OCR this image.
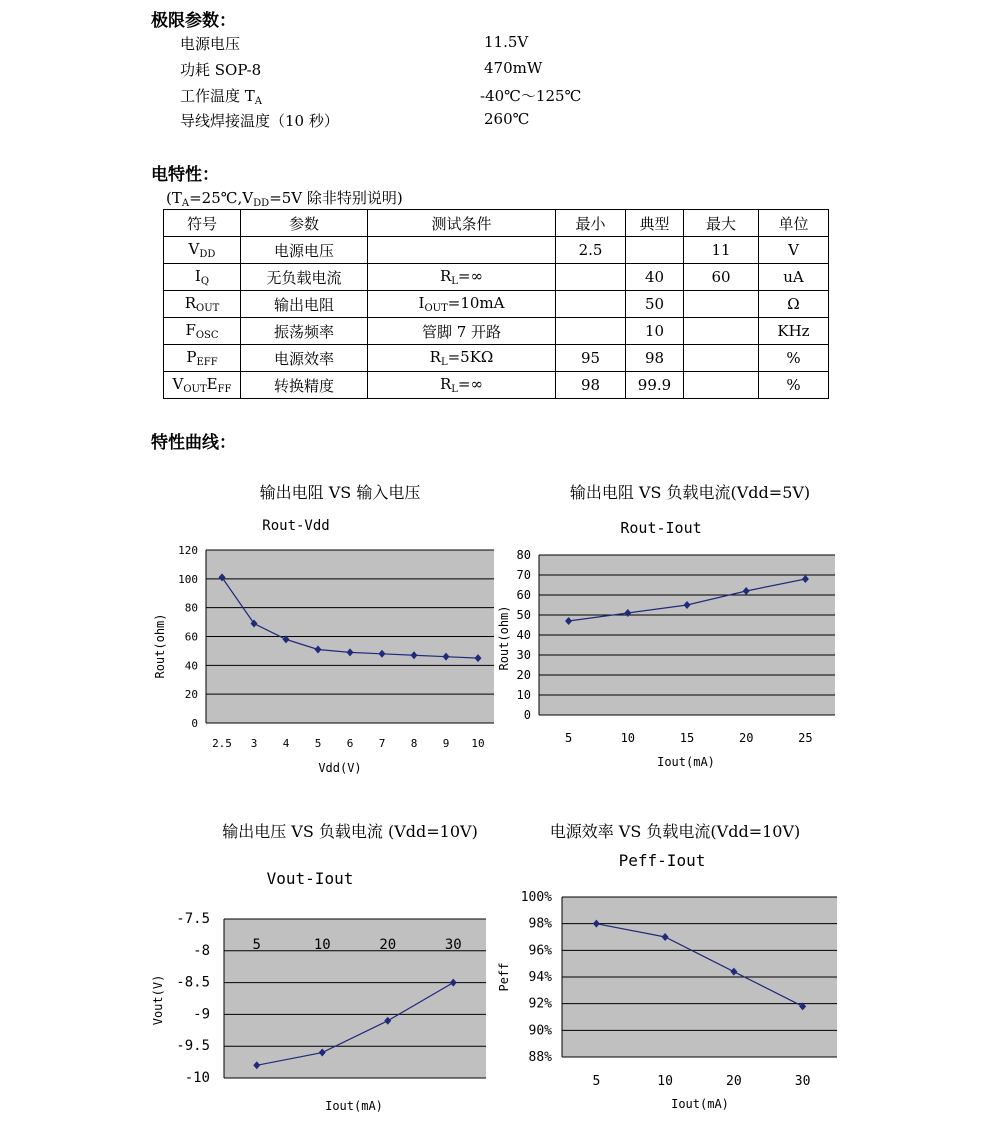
极限参数：
电源电压	11.5V
功耗 SOP-8	470mW
工作温度 $T_A$	-40℃～125℃
导线焊接温度（10 秒）	260℃
电特性：
($T_A=25℃,V_{DD}=5V$ 除非特别说明)
符号	参数	测试条件	最小	典型	最大	单位
$V_{DD}$	电源电压		2.5		11	V
$I_Q$	无负载电流	$R_L=\infty$		40	60	uA
$R_{OUT}$	输出电阻	$I_{OUT}=10mA$		50		Ω
$F_{OSC}$	振荡频率	管脚 7 开路		10		KHz
$P_{EFF}$	电源效率	$R_L=5K\Omega$	95	98		%
$V_{OUT}E_{FF}$	转换精度	$R_L=\infty$	98	99.9		%
特性曲线：
输出电阻 VS 输入电压	输出电阻 VS 负载电流(Vdd=5V)
输出电压 VS 负载电流 (Vdd=10V)	电源效率 VS 负载电流(Vdd=10V)
0
20
40
60
80
100
120
2.5 3 4 5 6 7 8 9 10
Rout-Vdd
Vdd(V)
Rout(ohm)
0
10
20
30
40
50
60
70
80
5	10	15	20	25
Rout-Iout
Iout(mA)
Rout(ohm)
-10
-9.5
-9
-8.5
-8
-7.5
5	10	20	30
Vout-Iout
Iout(mA)
Vout(V)
88%
90%
92%
94%
96%
98%
100%
5	10	20	30
Peff-Iout
Iout(mA)
Peff
